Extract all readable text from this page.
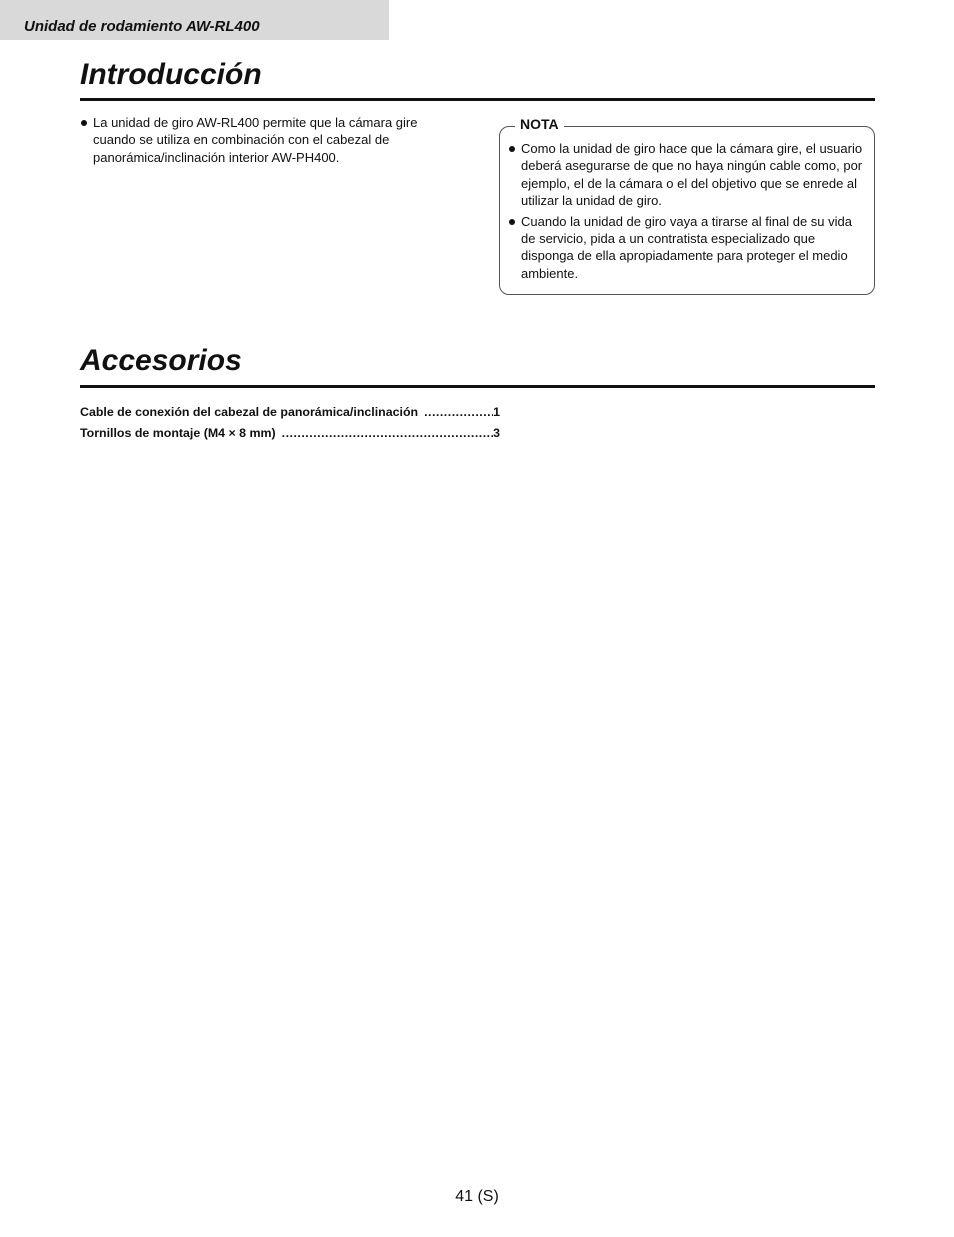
Unidad de rodamiento AW-RL400
Introducción
La unidad de giro AW-RL400 permite que la cámara gire cuando se utiliza en combinación con el cabezal de panorámica/inclinación interior AW-PH400.
NOTA
Como la unidad de giro hace que la cámara gire, el usuario deberá asegurarse de que no haya ningún cable como, por ejemplo, el de la cámara o el del objetivo que se enrede al utilizar la unidad de giro.
Cuando la unidad de giro vaya a tirarse al final de su vida de servicio, pida a un contratista especializado que disponga de ella apropiadamente para proteger el medio ambiente.
Accesorios
Cable de conexión del cabezal de panorámica/inclinación .....	1
Tornillos de montaje (M4 × 8 mm) .....	3
41 (S)
